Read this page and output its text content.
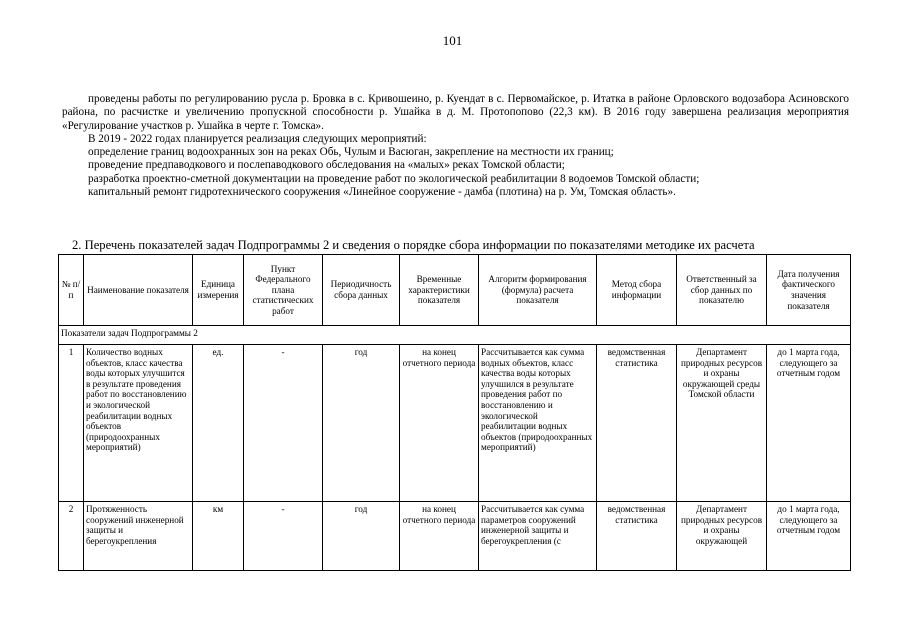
101

проведены работы по регулированию русла р. Бровка в с. Кривошеино, р. Куендат в с. Первомайское, р. Итатка в районе Орловского водозабора Асиновского района, по расчистке и увеличению пропускной способности р. Ушайка в д. М. Протопопово (22,3 км). В 2016 году завершена реализация мероприятия «Регулирование участков р. Ушайка в черте г. Томска».

В 2019 - 2022 годах планируется реализация следующих мероприятий:

определение границ водоохранных зон на реках Обь, Чулым и Васюган, закрепление на местности их границ;

проведение предпаводкового и послепаводкового обследования на «малых» реках Томской области;

разработка проектно-сметной документации на проведение работ по экологической реабилитации 8 водоемов Томской области;

капитальный ремонт гидротехнического сооружения «Линейное сооружение - дамба (плотина) на р. Ум, Томская область».

2. Перечень показателей задач Подпрограммы 2 и сведения о порядке сбора информации по показателями методике их расчета
№ п/п	Наименование показателя	Единица измерения	Пункт Федерального плана статистических работ	Периодичность сбора данных	Временные характеристики показателя	Алгоритм формирования (формула) расчета показателя	Метод сбора информации	Ответственный за сбор данных по показателю	Дата получения фактического значения показателя
Показатели задач Подпрограммы 2									
1	Количество водных объектов, класс качества воды которых улучшится в результате проведения работ по восстановлению и экологической реабилитации водных объектов (природоохранных мероприятий)	ед.	-	год	на конец отчетного периода	Рассчитывается как сумма водных объектов, класс качества воды которых улучшился в результате проведения работ по восстановлению и экологической реабилитации водных объектов (природоохранных мероприятий)	ведомственная статистика	Департамент природных ресурсов и охраны окружающей среды Томской области	до 1 марта года, следующего за отчетным годом
2	Протяженность сооружений инженерной защиты и берегоукрепления	км	-	год	на конец отчетного периода	Рассчитывается как сумма параметров сооружений инженерной защиты и берегоукрепления (с	ведомственная статистика	Департамент природных ресурсов и охраны окружающей	до 1 марта года, следующего за отчетным годом
